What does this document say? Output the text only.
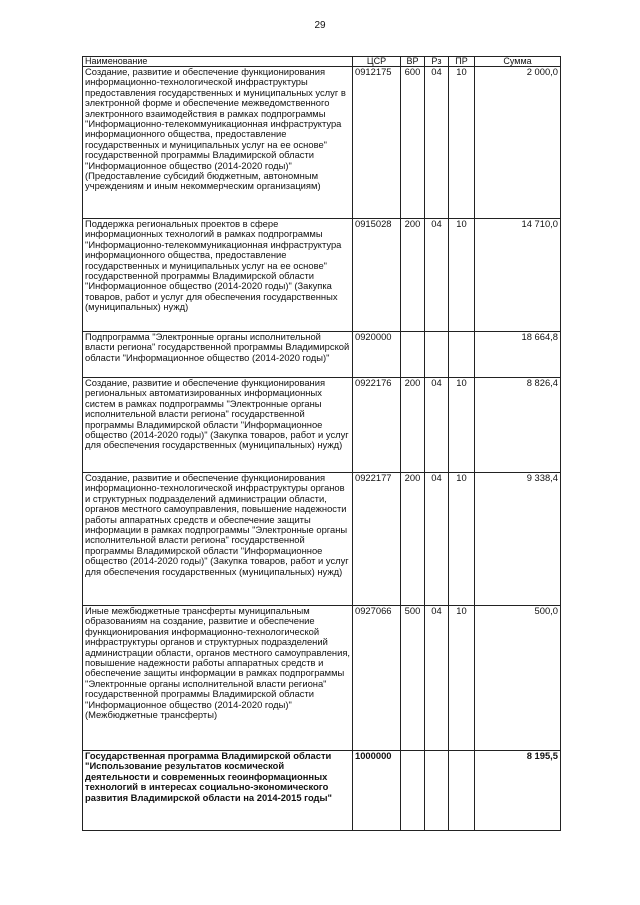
29
Наименование	ЦСР	ВР	Рз	ПР	Сумма
Создание, развитие и обеспечение функционирования информационно-технологической инфраструктуры предоставления государственных и муниципальных услуг в электронной форме и обеспечение межведомственного электронного взаимодействия в рамках подпрограммы "Информационно-телекоммуникационная инфраструктура информационного общества, предоставление государственных и муниципальных услуг на ее основе" государственной программы Владимирской области "Информационное общество (2014-2020 годы)" (Предоставление субсидий бюджетным, автономным учреждениям и иным некоммерческим организациям)	0912175	600	04	10	2 000,0
Поддержка региональных проектов в сфере информационных технологий в рамках подпрограммы "Информационно-телекоммуникационная инфраструктура информационного общества, предоставление государственных и муниципальных услуг на ее основе" государственной программы Владимирской области "Информационное общество (2014-2020 годы)" (Закупка товаров, работ и услуг для обеспечения государственных (муниципальных) нужд)	0915028	200	04	10	14 710,0
Подпрограмма "Электронные органы исполнительной власти региона" государственной программы Владимирской области "Информационное общество (2014-2020 годы)"	0920000				18 664,8
Создание, развитие и обеспечение функционирования региональных автоматизированных информационных систем в рамках подпрограммы "Электронные органы исполнительной власти региона" государственной программы Владимирской области "Информационное общество (2014-2020 годы)" (Закупка товаров, работ и услуг для обеспечения государственных (муниципальных) нужд)	0922176	200	04	10	8 826,4
Создание, развитие и обеспечение функционирования информационно-технологической инфраструктуры органов и структурных подразделений администрации области, органов местного самоуправления, повышение надежности работы аппаратных средств и обеспечение защиты информации в рамках подпрограммы "Электронные органы исполнительной власти региона" государственной программы Владимирской области "Информационное общество (2014-2020 годы)" (Закупка товаров, работ и услуг для обеспечения государственных (муниципальных) нужд)	0922177	200	04	10	9 338,4
Иные межбюджетные трансферты муниципальным образованиям на создание, развитие и обеспечение функционирования информационно-технологической инфраструктуры органов и структурных подразделений администрации области, органов местного самоуправления, повышение надежности работы аппаратных средств и обеспечение защиты информации в рамках подпрограммы "Электронные органы исполнительной власти региона" государственной программы Владимирской области "Информационное общество (2014-2020 годы)" (Межбюджетные трансферты)	0927066	500	04	10	500,0
Государственная программа Владимирской области "Использование результатов космической деятельности и современных геоинформационных технологий в интересах социально-экономического развития Владимирской области на 2014-2015 годы"	1000000				8 195,5
